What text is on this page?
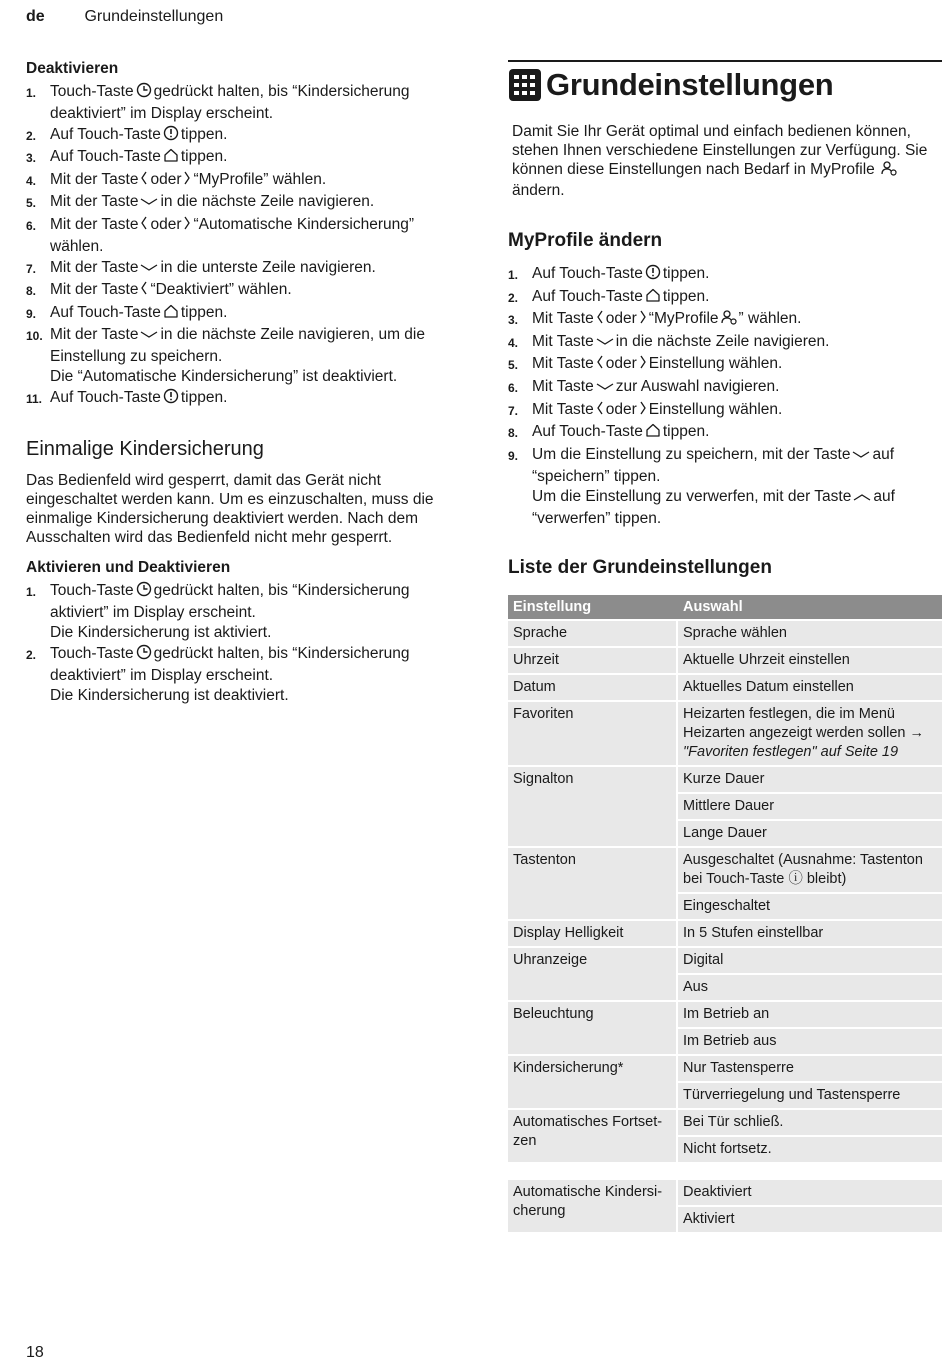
de Grundeinstellungen
Deaktivieren
1. Touch-Taste gedrückt halten, bis “Kindersicherung deaktiviert” im Display erscheint.
2. Auf Touch-Taste tippen.
3. Auf Touch-Taste tippen.
4. Mit der Taste oder “MyProfile” wählen.
5. Mit der Taste in die nächste Zeile navigieren.
6. Mit der Taste oder “Automatische Kindersicherung” wählen.
7. Mit der Taste in die unterste Zeile navigieren.
8. Mit der Taste “Deaktiviert” wählen.
9. Auf Touch-Taste tippen.
10. Mit der Taste in die nächste Zeile navigieren, um die Einstellung zu speichern.
Die “Automatische Kindersicherung” ist deaktiviert.
11. Auf Touch-Taste tippen.
Einmalige Kindersicherung

Das Bedienfeld wird gesperrt, damit das Gerät nicht eingeschaltet werden kann. Um es einzuschalten, muss die einmalige Kindersicherung deaktiviert werden. Nach dem Ausschalten wird das Bedienfeld nicht mehr gesperrt.

Aktivieren und Deaktivieren
1. Touch-Taste gedrückt halten, bis “Kindersicherung aktiviert” im Display erscheint.
Die Kindersicherung ist aktiviert.
2. Touch-Taste gedrückt halten, bis “Kindersicherung deaktiviert” im Display erscheint.
Die Kindersicherung ist deaktiviert.
Grundeinstellungen

Damit Sie Ihr Gerät optimal und einfach bedienen können, stehen Ihnen verschiedene Einstellungen zur Verfügung. Sie können diese Einstellungen nach Bedarf in MyProfile  ändern.

MyProfile ändern
1. Auf Touch-Taste tippen.
2. Auf Touch-Taste tippen.
3. Mit Taste oder “MyProfile ” wählen.
4. Mit Taste in die nächste Zeile navigieren.
5. Mit Taste oder Einstellung wählen.
6. Mit Taste zur Auswahl navigieren.
7. Mit Taste oder Einstellung wählen.
8. Auf Touch-Taste tippen.
9. Um die Einstellung zu speichern, mit der Taste auf “speichern” tippen.
Um die Einstellung zu verwerfen, mit der Taste auf “verwerfen” tippen.
Liste der Grundeinstellungen
Einstellung	Auswahl
Sprache	Sprache wählen
Uhrzeit	Aktuelle Uhrzeit einstellen
Datum	Aktuelles Datum einstellen
Favoriten	Heizarten festlegen, die im Menü Heizarten angezeigt werden sollen → "Favoriten festlegen" auf Seite 19
Signalton	Kurze Dauer
	Mittlere Dauer
	Lange Dauer
Tastenton	Ausgeschaltet (Ausnahme: Tastenton bei Touch-Taste ⓘ bleibt)
	Eingeschaltet
Display Helligkeit	In 5 Stufen einstellbar
Uhranzeige	Digital
	Aus
Beleuchtung	Im Betrieb an
	Im Betrieb aus
Kindersicherung*	Nur Tastensperre
	Türverriegelung und Tastensperre
Automatisches Fortset-zen	Bei Tür schließ.
	Nicht fortsetz.

Automatische Kindersi-cherung	Deaktiviert
	Aktiviert
18
